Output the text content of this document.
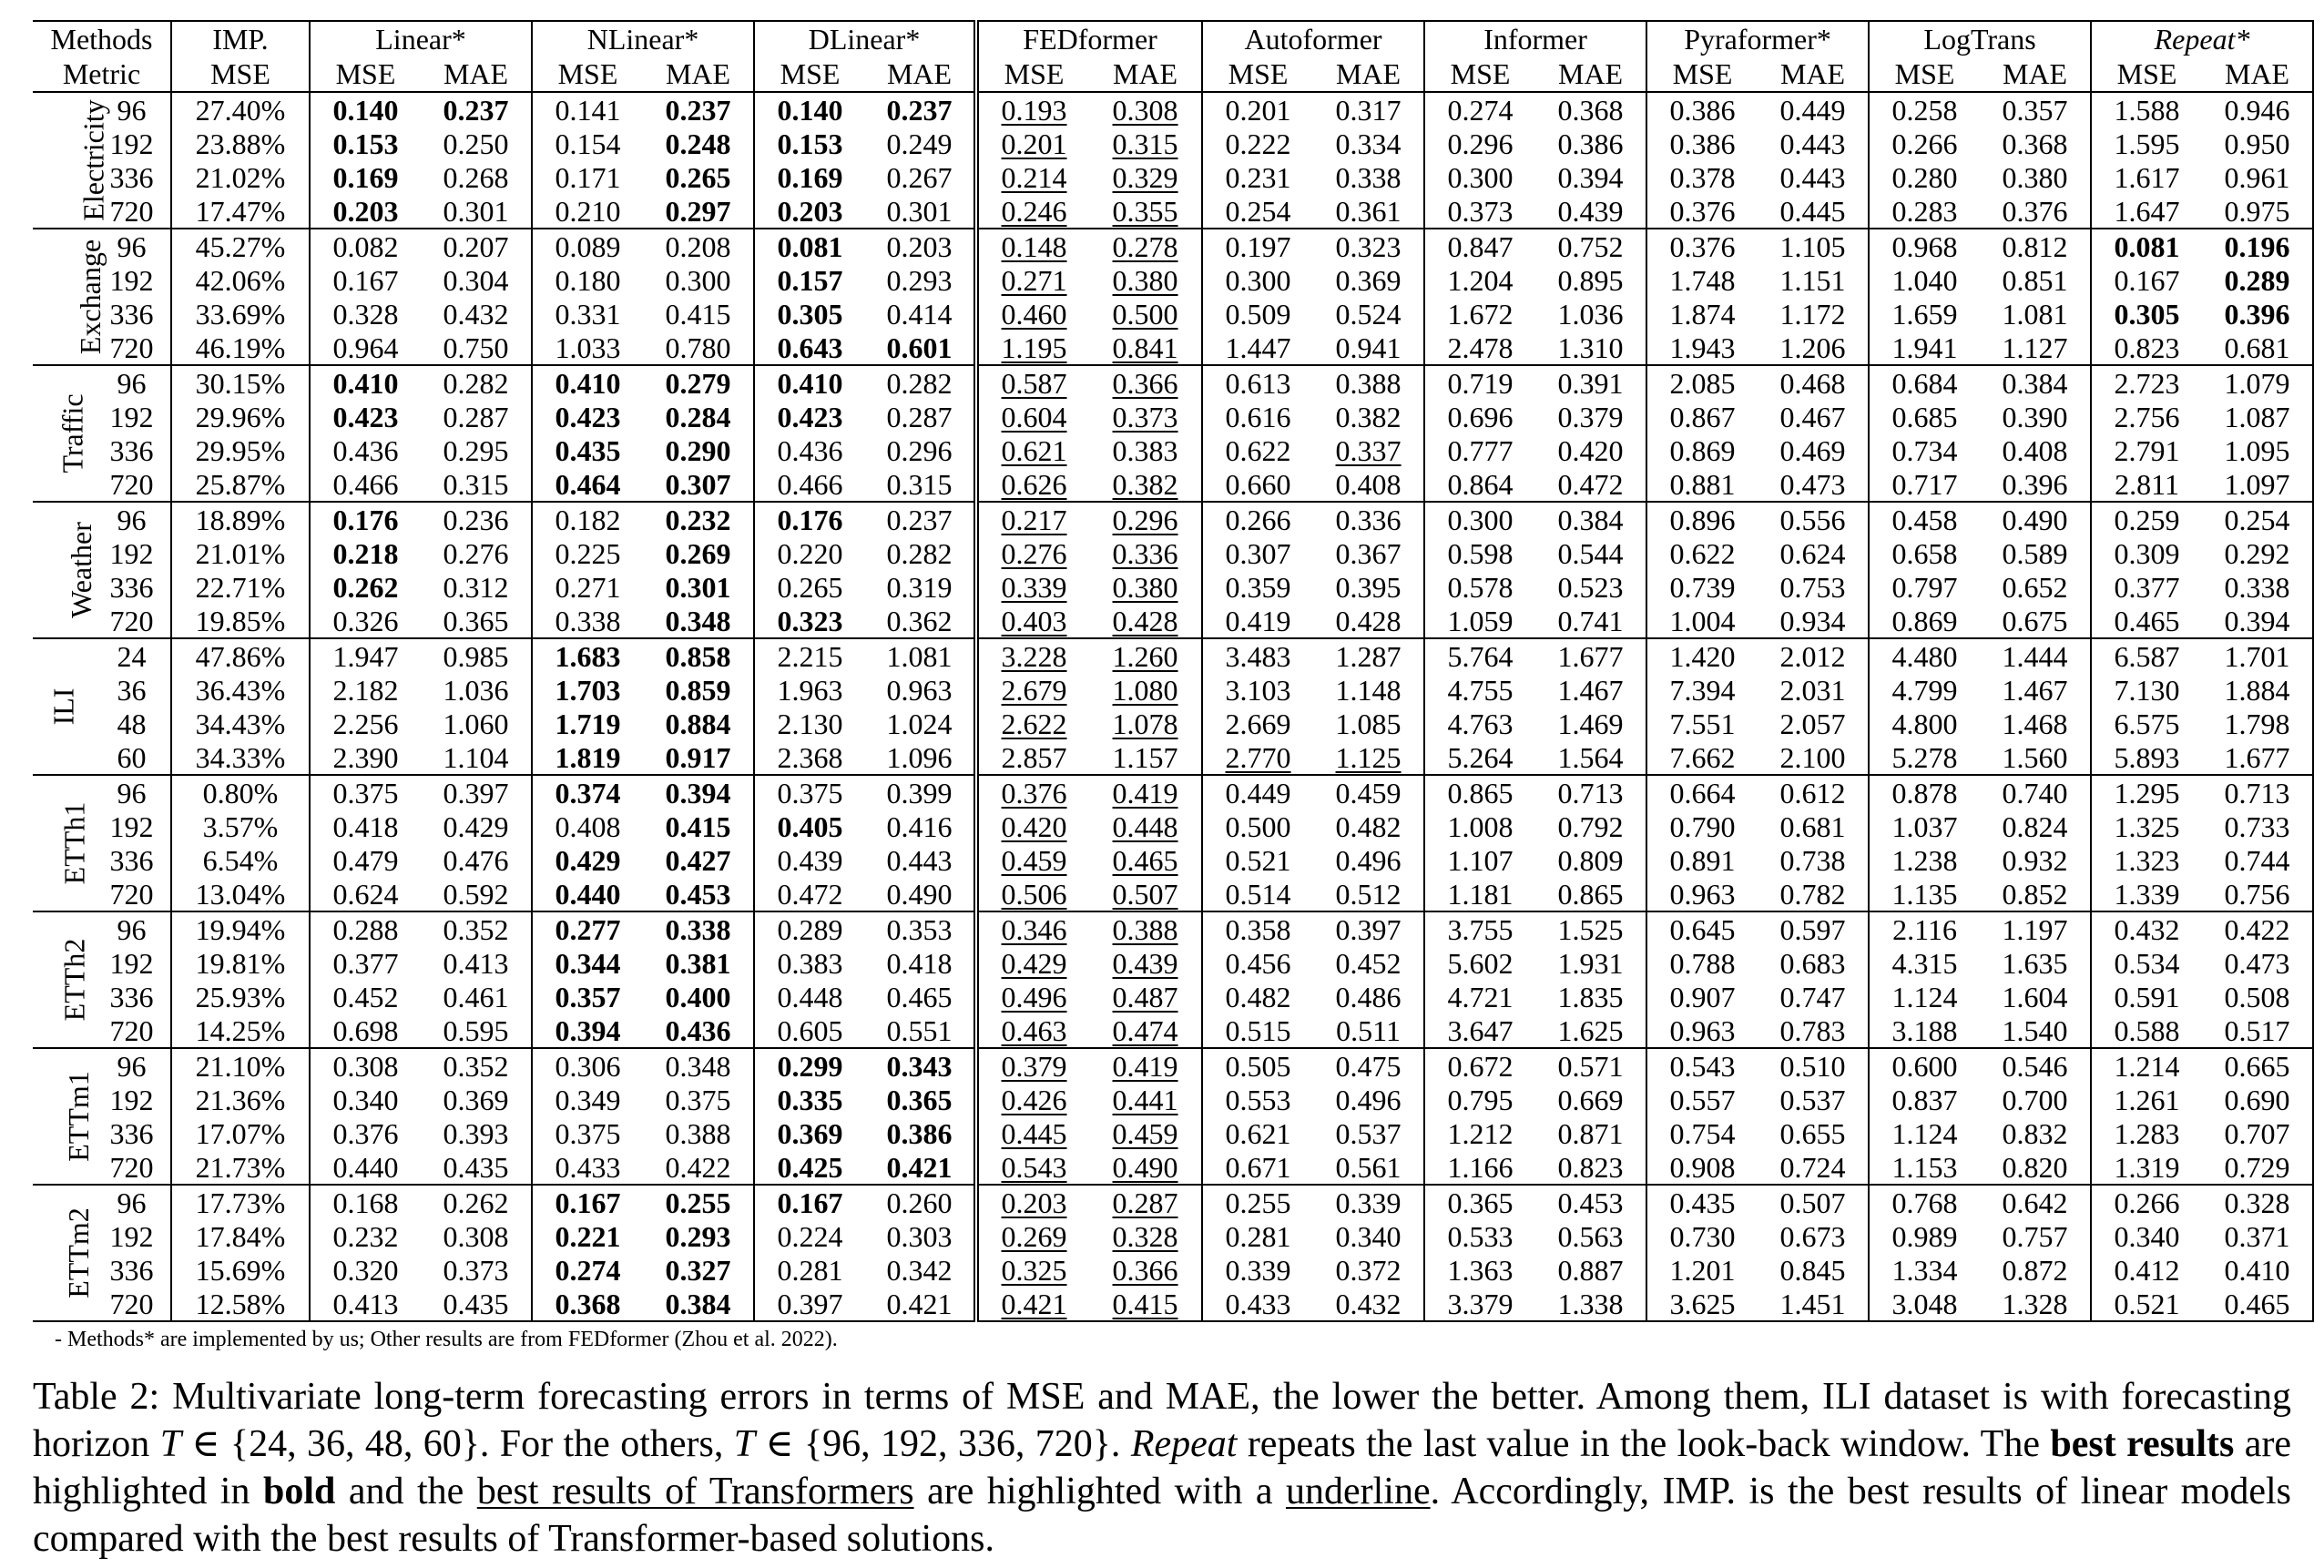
Methods		IMP.	Linear*		NLinear*		DLinear*		FEDformer		Autoformer		Informer		Pyraformer*		LogTrans		Repeat*	
Metric		MSE	MSE	MAE	MSE	MAE	MSE	MAE	MSE	MAE	MSE	MAE	MSE	MAE	MSE	MAE	MSE	MAE	MSE	MAE
Electricity	96	27.40%	0.140	0.237	0.141	0.237	0.140	0.237	0.193	0.308	0.201	0.317	0.274	0.368	0.386	0.449	0.258	0.357	1.588	0.946
	192	23.88%	0.153	0.250	0.154	0.248	0.153	0.249	0.201	0.315	0.222	0.334	0.296	0.386	0.386	0.443	0.266	0.368	1.595	0.950
	336	21.02%	0.169	0.268	0.171	0.265	0.169	0.267	0.214	0.329	0.231	0.338	0.300	0.394	0.378	0.443	0.280	0.380	1.617	0.961
	720	17.47%	0.203	0.301	0.210	0.297	0.203	0.301	0.246	0.355	0.254	0.361	0.373	0.439	0.376	0.445	0.283	0.376	1.647	0.975
Exchange	96	45.27%	0.082	0.207	0.089	0.208	0.081	0.203	0.148	0.278	0.197	0.323	0.847	0.752	0.376	1.105	0.968	0.812	0.081	0.196
	192	42.06%	0.167	0.304	0.180	0.300	0.157	0.293	0.271	0.380	0.300	0.369	1.204	0.895	1.748	1.151	1.040	0.851	0.167	0.289
	336	33.69%	0.328	0.432	0.331	0.415	0.305	0.414	0.460	0.500	0.509	0.524	1.672	1.036	1.874	1.172	1.659	1.081	0.305	0.396
	720	46.19%	0.964	0.750	1.033	0.780	0.643	0.601	1.195	0.841	1.447	0.941	2.478	1.310	1.943	1.206	1.941	1.127	0.823	0.681
Traffic	96	30.15%	0.410	0.282	0.410	0.279	0.410	0.282	0.587	0.366	0.613	0.388	0.719	0.391	2.085	0.468	0.684	0.384	2.723	1.079
	192	29.96%	0.423	0.287	0.423	0.284	0.423	0.287	0.604	0.373	0.616	0.382	0.696	0.379	0.867	0.467	0.685	0.390	2.756	1.087
	336	29.95%	0.436	0.295	0.435	0.290	0.436	0.296	0.621	0.383	0.622	0.337	0.777	0.420	0.869	0.469	0.734	0.408	2.791	1.095
	720	25.87%	0.466	0.315	0.464	0.307	0.466	0.315	0.626	0.382	0.660	0.408	0.864	0.472	0.881	0.473	0.717	0.396	2.811	1.097
Weather	96	18.89%	0.176	0.236	0.182	0.232	0.176	0.237	0.217	0.296	0.266	0.336	0.300	0.384	0.896	0.556	0.458	0.490	0.259	0.254
	192	21.01%	0.218	0.276	0.225	0.269	0.220	0.282	0.276	0.336	0.307	0.367	0.598	0.544	0.622	0.624	0.658	0.589	0.309	0.292
	336	22.71%	0.262	0.312	0.271	0.301	0.265	0.319	0.339	0.380	0.359	0.395	0.578	0.523	0.739	0.753	0.797	0.652	0.377	0.338
	720	19.85%	0.326	0.365	0.338	0.348	0.323	0.362	0.403	0.428	0.419	0.428	1.059	0.741	1.004	0.934	0.869	0.675	0.465	0.394
ILI	24	47.86%	1.947	0.985	1.683	0.858	2.215	1.081	3.228	1.260	3.483	1.287	5.764	1.677	1.420	2.012	4.480	1.444	6.587	1.701
	36	36.43%	2.182	1.036	1.703	0.859	1.963	0.963	2.679	1.080	3.103	1.148	4.755	1.467	7.394	2.031	4.799	1.467	7.130	1.884
	48	34.43%	2.256	1.060	1.719	0.884	2.130	1.024	2.622	1.078	2.669	1.085	4.763	1.469	7.551	2.057	4.800	1.468	6.575	1.798
	60	34.33%	2.390	1.104	1.819	0.917	2.368	1.096	2.857	1.157	2.770	1.125	5.264	1.564	7.662	2.100	5.278	1.560	5.893	1.677
ETTh1	96	0.80%	0.375	0.397	0.374	0.394	0.375	0.399	0.376	0.419	0.449	0.459	0.865	0.713	0.664	0.612	0.878	0.740	1.295	0.713
	192	3.57%	0.418	0.429	0.408	0.415	0.405	0.416	0.420	0.448	0.500	0.482	1.008	0.792	0.790	0.681	1.037	0.824	1.325	0.733
	336	6.54%	0.479	0.476	0.429	0.427	0.439	0.443	0.459	0.465	0.521	0.496	1.107	0.809	0.891	0.738	1.238	0.932	1.323	0.744
	720	13.04%	0.624	0.592	0.440	0.453	0.472	0.490	0.506	0.507	0.514	0.512	1.181	0.865	0.963	0.782	1.135	0.852	1.339	0.756
ETTh2	96	19.94%	0.288	0.352	0.277	0.338	0.289	0.353	0.346	0.388	0.358	0.397	3.755	1.525	0.645	0.597	2.116	1.197	0.432	0.422
	192	19.81%	0.377	0.413	0.344	0.381	0.383	0.418	0.429	0.439	0.456	0.452	5.602	1.931	0.788	0.683	4.315	1.635	0.534	0.473
	336	25.93%	0.452	0.461	0.357	0.400	0.448	0.465	0.496	0.487	0.482	0.486	4.721	1.835	0.907	0.747	1.124	1.604	0.591	0.508
	720	14.25%	0.698	0.595	0.394	0.436	0.605	0.551	0.463	0.474	0.515	0.511	3.647	1.625	0.963	0.783	3.188	1.540	0.588	0.517
ETTm1	96	21.10%	0.308	0.352	0.306	0.348	0.299	0.343	0.379	0.419	0.505	0.475	0.672	0.571	0.543	0.510	0.600	0.546	1.214	0.665
	192	21.36%	0.340	0.369	0.349	0.375	0.335	0.365	0.426	0.441	0.553	0.496	0.795	0.669	0.557	0.537	0.837	0.700	1.261	0.690
	336	17.07%	0.376	0.393	0.375	0.388	0.369	0.386	0.445	0.459	0.621	0.537	1.212	0.871	0.754	0.655	1.124	0.832	1.283	0.707
	720	21.73%	0.440	0.435	0.433	0.422	0.425	0.421	0.543	0.490	0.671	0.561	1.166	0.823	0.908	0.724	1.153	0.820	1.319	0.729
ETTm2	96	17.73%	0.168	0.262	0.167	0.255	0.167	0.260	0.203	0.287	0.255	0.339	0.365	0.453	0.435	0.507	0.768	0.642	0.266	0.328
	192	17.84%	0.232	0.308	0.221	0.293	0.224	0.303	0.269	0.328	0.281	0.340	0.533	0.563	0.730	0.673	0.989	0.757	0.340	0.371
	336	15.69%	0.320	0.373	0.274	0.327	0.281	0.342	0.325	0.366	0.339	0.372	1.363	0.887	1.201	0.845	1.334	0.872	0.412	0.410
	720	12.58%	0.413	0.435	0.368	0.384	0.397	0.421	0.421	0.415	0.433	0.432	3.379	1.338	3.625	1.451	3.048	1.328	0.521	0.465
- Methods* are implemented by us; Other results are from FEDformer (Zhou et al. 2022).
Table 2: Multivariate long-term forecasting errors in terms of MSE and MAE, the lower the better. Among them, ILI dataset is with forecasting horizon T ∈ {24, 36, 48, 60}. For the others, T ∈ {96, 192, 336, 720}. Repeat repeats the last value in the look-back window. The best results are highlighted in bold and the best results of Transformers are highlighted with a underline. Accordingly, IMP. is the best results of linear models compared with the best results of Transformer-based solutions.
